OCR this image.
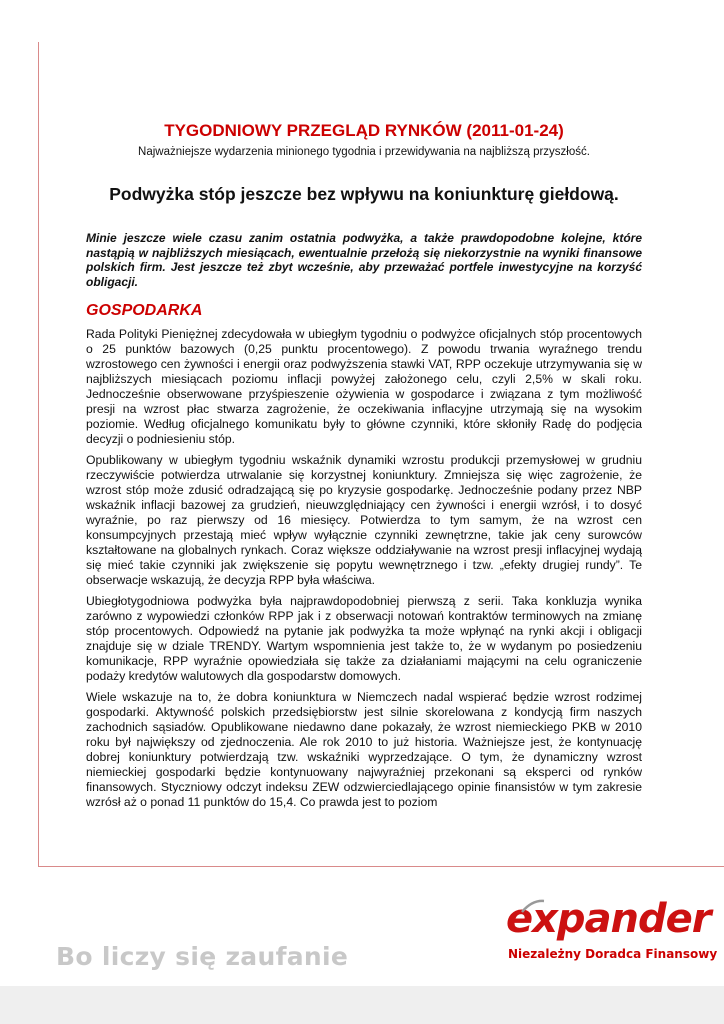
TYGODNIOWY PRZEGLĄD RYNKÓW (2011-01-24)

Najważniejsze wydarzenia minionego tygodnia i przewidywania na najbliższą przyszłość.

Podwyżka stóp jeszcze bez wpływu na koniunkturę giełdową.

Minie jeszcze wiele czasu zanim ostatnia podwyżka, a także prawdopodobne kolejne, które nastąpią w najbliższych miesiącach, ewentualnie przełożą się niekorzystnie na wyniki finansowe polskich firm. Jest jeszcze też zbyt wcześnie, aby przeważać portfele inwestycyjne na korzyść obligacji.

GOSPODARKA

Rada Polityki Pieniężnej zdecydowała w ubiegłym tygodniu o podwyżce oficjalnych stóp procentowych o 25 punktów bazowych (0,25 punktu procentowego). Z powodu trwania wyraźnego trendu wzrostowego cen żywności i energii oraz podwyższenia stawki VAT, RPP oczekuje utrzymywania się w najbliższych miesiącach poziomu inflacji powyżej założonego celu, czyli 2,5% w skali roku. Jednocześnie obserwowane przyśpieszenie ożywienia w gospodarce i związana z tym możliwość presji na wzrost płac stwarza zagrożenie, że oczekiwania inflacyjne utrzymają się na wysokim poziomie. Według oficjalnego komunikatu były to główne czynniki, które skłoniły Radę do podjęcia decyzji o podniesieniu stóp.

Opublikowany w ubiegłym tygodniu wskaźnik dynamiki wzrostu produkcji przemysłowej w grudniu rzeczywiście potwierdza utrwalanie się korzystnej koniunktury. Zmniejsza się więc zagrożenie, że wzrost stóp może zdusić odradzającą się po kryzysie gospodarkę. Jednocześnie podany przez NBP wskaźnik inflacji bazowej za grudzień, nieuwzględniający cen żywności i energii wzrósł, i to dosyć wyraźnie, po raz pierwszy od 16 miesięcy. Potwierdza to tym samym, że na wzrost cen konsumpcyjnych przestają mieć wpływ wyłącznie czynniki zewnętrzne, takie jak ceny surowców kształtowane na globalnych rynkach. Coraz większe oddziaływanie na wzrost presji inflacyjnej wydają się mieć takie czynniki jak zwiększenie się popytu wewnętrznego i tzw. „efekty drugiej rundy”. Te obserwacje wskazują, że decyzja RPP była właściwa.

Ubiegłotygodniowa podwyżka była najprawdopodobniej pierwszą z serii. Taka konkluzja wynika zarówno z wypowiedzi członków RPP jak i z obserwacji notowań kontraktów terminowych na zmianę stóp procentowych. Odpowiedź na pytanie jak podwyżka ta może wpłynąć na rynki akcji i obligacji znajduje się w dziale TRENDY. Wartym wspomnienia jest także to, że w wydanym po posiedzeniu komunikacje, RPP wyraźnie opowiedziała się także za działaniami mającymi na celu ograniczenie podaży kredytów walutowych dla gospodarstw domowych.

Wiele wskazuje na to, że dobra koniunktura w Niemczech nadal wspierać będzie wzrost rodzimej gospodarki. Aktywność polskich przedsiębiorstw jest silnie skorelowana z kondycją firm naszych zachodnich sąsiadów. Opublikowane niedawno dane pokazały, że wzrost niemieckiego PKB w 2010 roku był największy od zjednoczenia. Ale rok 2010 to już historia. Ważniejsze jest, że kontynuację dobrej koniunktury potwierdzają tzw. wskaźniki wyprzedzające. O tym, że dynamiczny wzrost niemieckiej gospodarki będzie kontynuowany najwyraźniej przekonani są eksperci od rynków finansowych. Styczniowy odczyt indeksu ZEW odzwierciedlającego opinie finansistów w tym zakresie wzrósł aż o ponad 11 punktów do 15,4. Co prawda jest to poziom

Bo liczy się zaufanie
expander
Niezależny Doradca Finansowy
